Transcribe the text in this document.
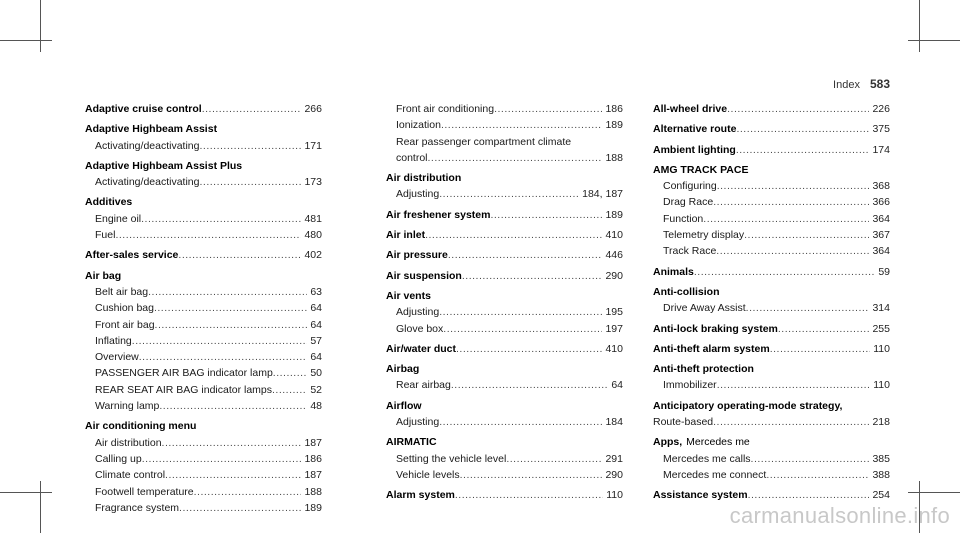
Index 583
Adaptive cruise control .....	266
Adaptive Highbeam Assist
Activating/deactivating .....	171
Adaptive Highbeam Assist Plus
Activating/deactivating .....	173
Additives
Engine oil .....	481
Fuel .....	480
After-sales service .....	402
Air bag
Belt air bag .....	63
Cushion bag .....	64
Front air bag .....	64
Inflating .....	57
Overview .....	64
PASSENGER AIR BAG indicator lamp .....	50
REAR SEAT AIR BAG indicator lamps .....	52
Warning lamp .....	48
Air conditioning menu
Air distribution .....	187
Calling up .....	186
Climate control .....	187
Footwell temperature .....	188
Fragrance system .....	189
Front air conditioning .....	186
Ionization .....	189
Rear passenger compartment climate
control .....	188
Air distribution
Adjusting .....	184, 187
Air freshener system .....	189
Air inlet .....	410
Air pressure .....	446
Air suspension .....	290
Air vents
Adjusting .....	195
Glove box .....	197
Air/water duct .....	410
Airbag
Rear airbag .....	64
Airflow
Adjusting .....	184
AIRMATIC
Setting the vehicle level .....	291
Vehicle levels .....	290
Alarm system .....	110
All-wheel drive .....	226
Alternative route .....	375
Ambient lighting .....	174
AMG TRACK PACE
Configuring .....	368
Drag Race .....	366
Function .....	364
Telemetry display .....	367
Track Race .....	364
Animals .....	59
Anti-collision
Drive Away Assist .....	314
Anti-lock braking system .....	255
Anti-theft alarm system .....	110
Anti-theft protection
Immobilizer .....	110
Anticipatory operating-mode strategy,
Route-based .....	218
Apps, Mercedes me
Mercedes me calls .....	385
Mercedes me connect .....	388
Assistance system .....	254
carmanualsonline.info
